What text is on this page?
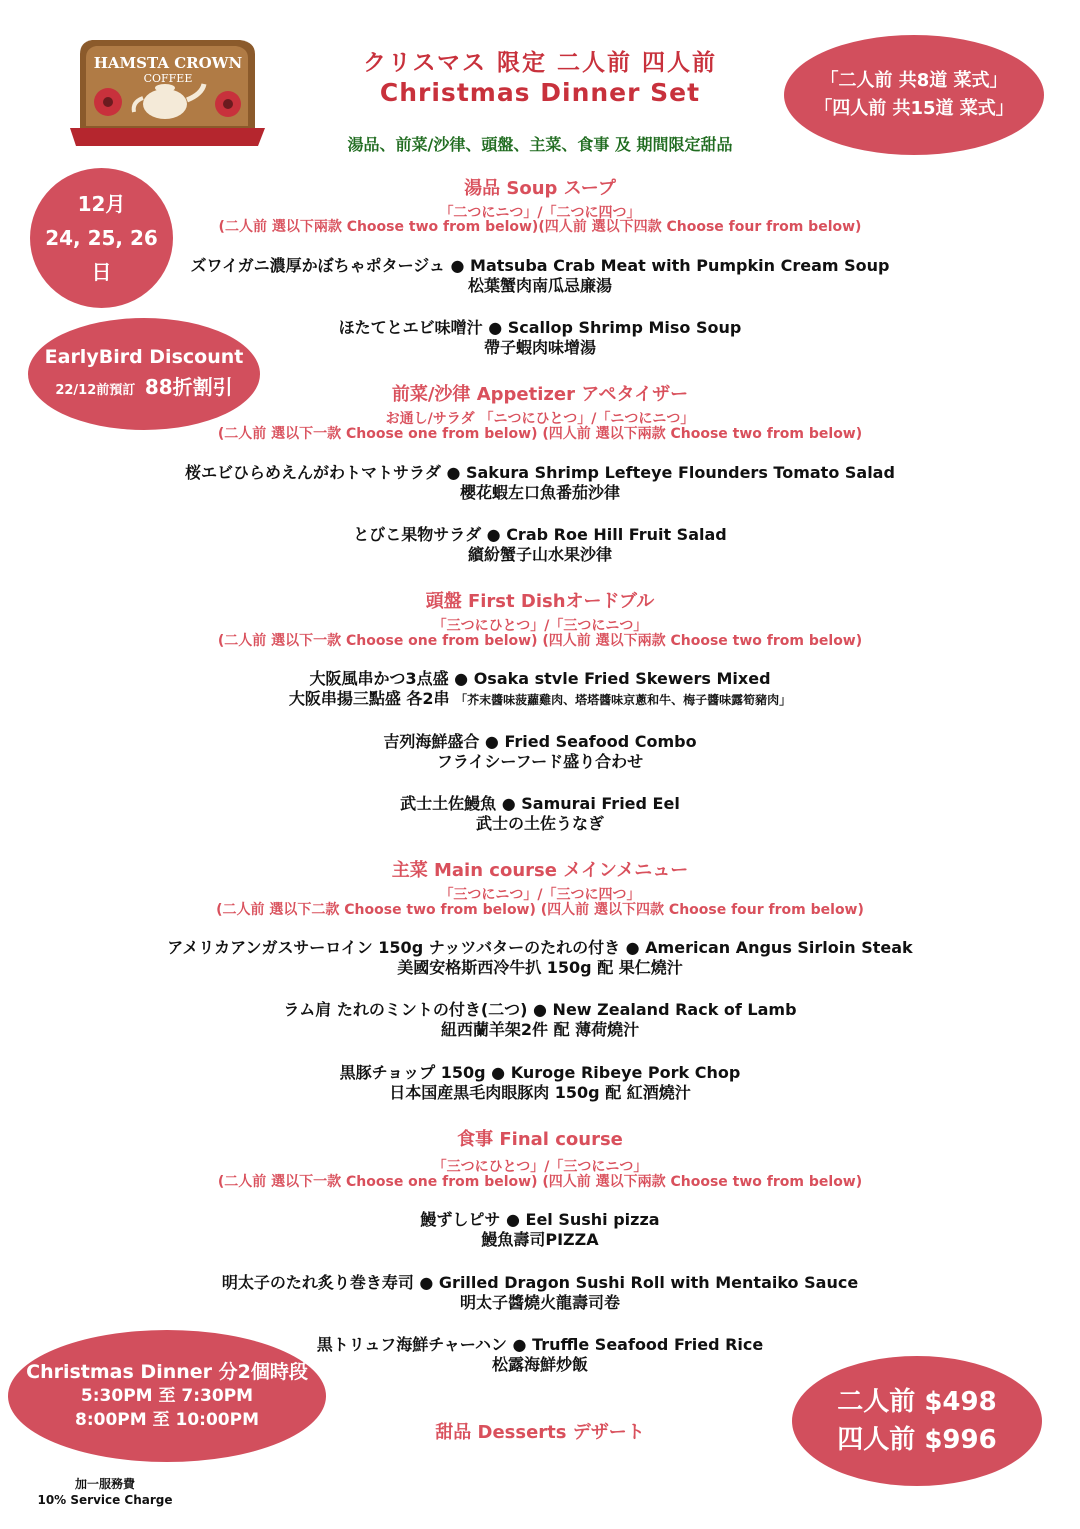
HAMSTA CROWN
COFFEE
クリスマス 限定 二人前 四人前
Christmas Dinner Set
湯品、前菜/沙律、頭盤、主菜、食事 及 期間限定甜品
「二人前 共8道 菜式」
「四人前 共15道 菜式」
12月
24, 25, 26
日
EarlyBird Discount
22/12前預訂 88折割引
Christmas Dinner 分2個時段
5:30PM 至 7:30PM
8:00PM 至 10:00PM
二人前 $498
四人前 $996
湯品 Soup スープ
「二つにニつ」/「二つに四つ」
(二人前 選以下兩款 Choose two from below)(四人前 選以下四款 Choose four from below)
ズワイガニ濃厚かぼちゃポタージュ ● Matsuba Crab Meat with Pumpkin Cream Soup
松葉蟹肉南瓜忌廉湯
ほたてとエビ味噌汁 ● Scallop Shrimp Miso Soup
帶子蝦肉味增湯
前菜/沙律 Appetizer アペタイザー
お通し/サラダ 「ニつにひとつ」/「ニつにニつ」
(二人前 選以下一款 Choose one from below) (四人前 選以下兩款 Choose two from below)
桜エビひらめえんがわトマトサラダ ● Sakura Shrimp Lefteye Flounders Tomato Salad
櫻花蝦左口魚番茄沙律
とびこ果物サラダ ● Crab Roe Hill Fruit Salad
繽紛蟹子山水果沙律
頭盤 First Dishオードブル
「三つにひとつ」/「三つにニつ」
(二人前 選以下一款 Choose one from below) (四人前 選以下兩款 Choose two from below)
大阪風串かつ3点盛 ● Osaka stvle Fried Skewers Mixed
大阪串揚三點盛 各2串 「芥末醬味菠蘿雞肉、塔塔醬味京蔥和牛、梅子醬味露筍豬肉」
吉列海鮮盛合 ● Fried Seafood Combo
フライシーフード盛り合わせ
武士土佐鰻魚 ● Samurai Fried Eel
武士の土佐うなぎ
主菜 Main course メインメニュー
「三つにニつ」/「三つに四つ」
(二人前 選以下二款 Choose two from below) (四人前 選以下四款 Choose four from below)
アメリカアンガスサーロイン 150g ナッツバターのたれの付き ● American Angus Sirloin Steak
美國安格斯西冷牛扒 150g 配 果仁燒汁
ラム肩 たれのミントの付き(二つ) ● New Zealand Rack of Lamb
紐西蘭羊架2件 配 薄荷燒汁
黒豚チョップ 150g ● Kuroge Ribeye Pork Chop
日本国産黒毛肉眼豚肉 150g 配 紅酒燒汁
食事 Final course
「三つにひとつ」/「三つにニつ」
(二人前 選以下一款 Choose one from below) (四人前 選以下兩款 Choose two from below)
鰻ずしピサ ● Eel Sushi pizza
鰻魚壽司PIZZA
明太子のたれ炙り巻き寿司 ● Grilled Dragon Sushi Roll with Mentaiko Sauce
明太子醬燒火龍壽司卷
黒トリュフ海鮮チャーハン ● Truffle Seafood Fried Rice
松露海鮮炒飯
甜品 Desserts デザート
加一服務費
10% Service Charge
